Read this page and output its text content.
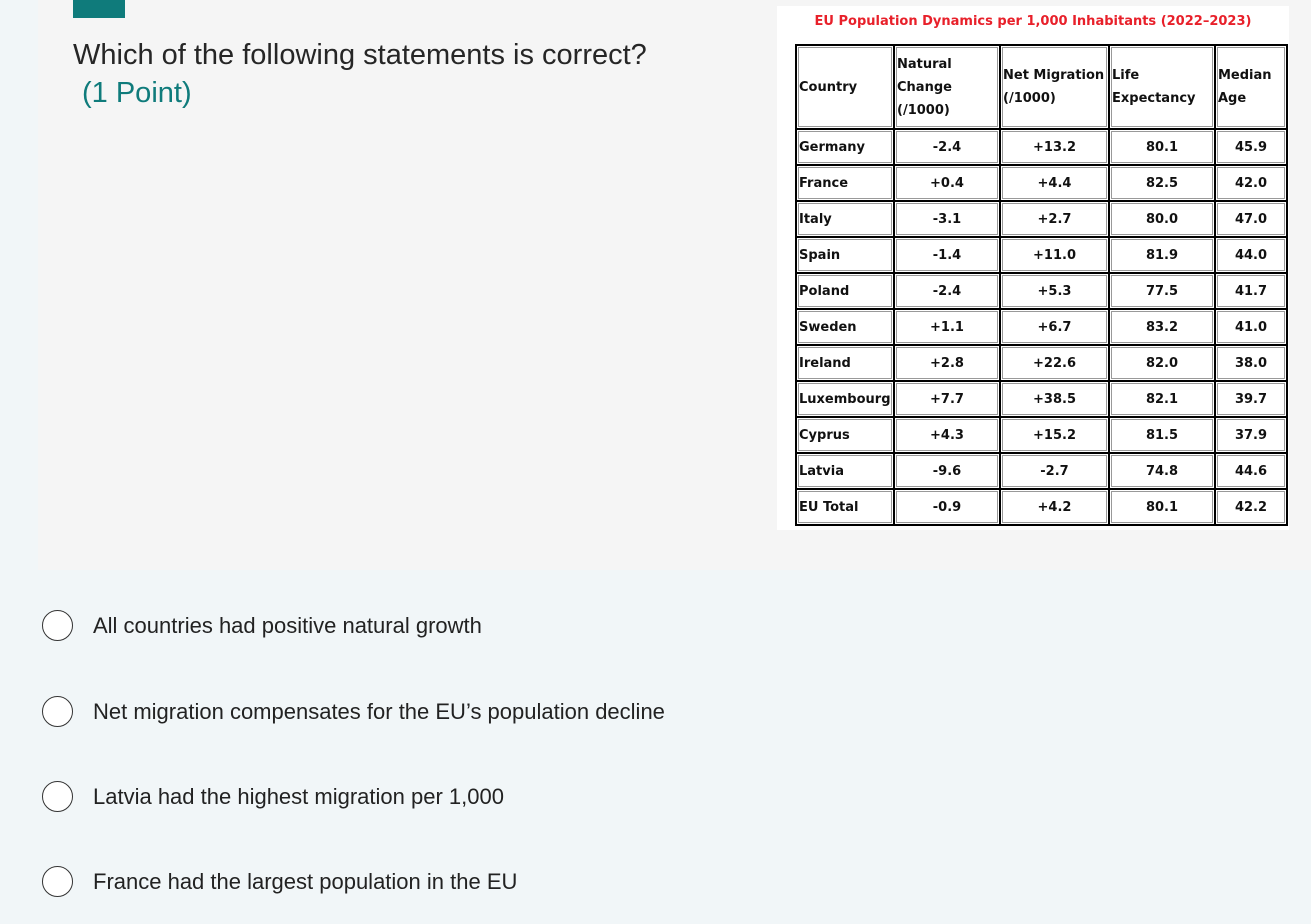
Which of the following statements is correct?
(1 Point)
EU Population Dynamics per 1,000 Inhabitants (2022–2023)
Country	Natural Change (/1000)	Net Migration (/1000)	Life Expectancy	Median Age
Germany	-2.4	+13.2	80.1	45.9
France	+0.4	+4.4	82.5	42.0
Italy	-3.1	+2.7	80.0	47.0
Spain	-1.4	+11.0	81.9	44.0
Poland	-2.4	+5.3	77.5	41.7
Sweden	+1.1	+6.7	83.2	41.0
Ireland	+2.8	+22.6	82.0	38.0
Luxembourg	+7.7	+38.5	82.1	39.7
Cyprus	+4.3	+15.2	81.5	37.9
Latvia	-9.6	-2.7	74.8	44.6
EU Total	-0.9	+4.2	80.1	42.2
All countries had positive natural growth
Net migration compensates for the EU’s population decline
Latvia had the highest migration per 1,000
France had the largest population in the EU
